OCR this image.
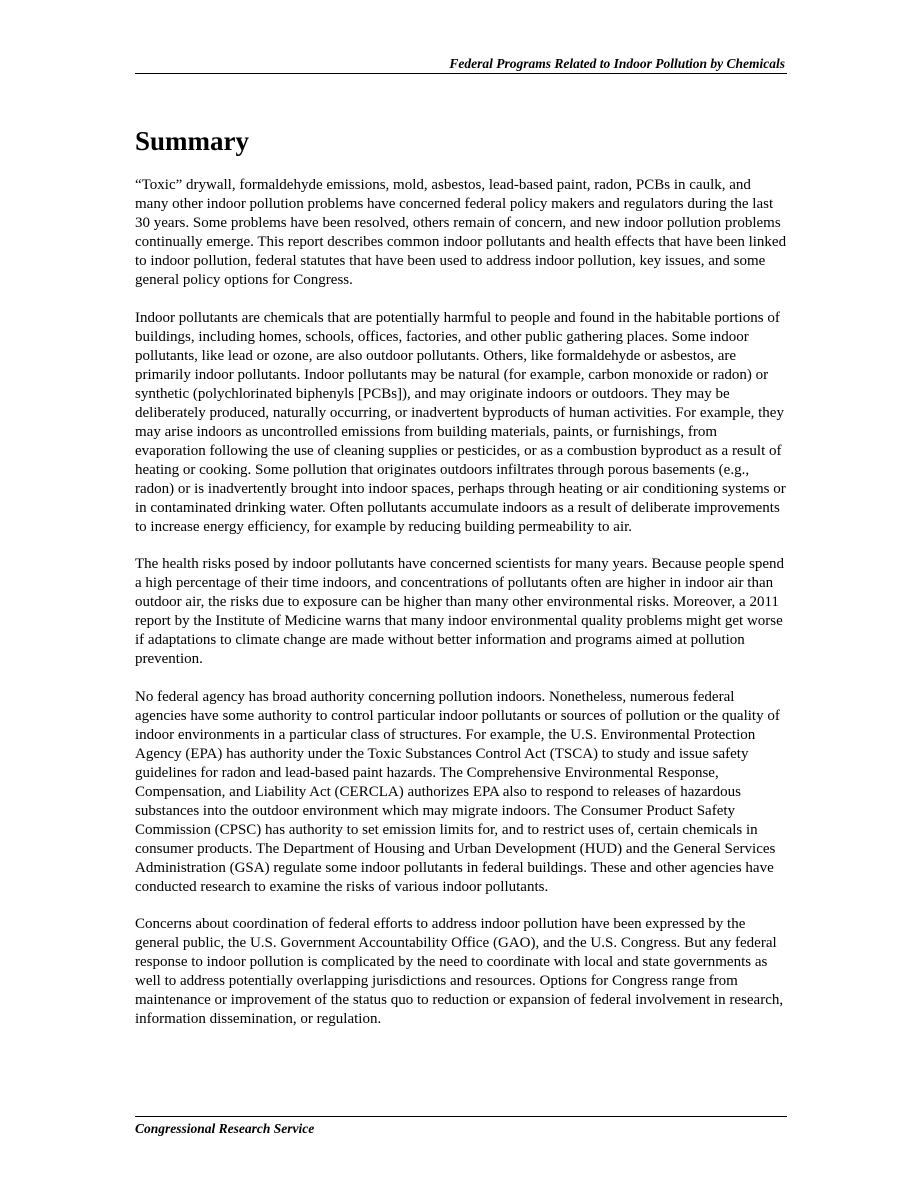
Federal Programs Related to Indoor Pollution by Chemicals
Summary

“Toxic” drywall, formaldehyde emissions, mold, asbestos, lead-based paint, radon, PCBs in caulk, and many other indoor pollution problems have concerned federal policy makers and regulators during the last 30 years. Some problems have been resolved, others remain of concern, and new indoor pollution problems continually emerge. This report describes common indoor pollutants and health effects that have been linked to indoor pollution, federal statutes that have been used to address indoor pollution, key issues, and some general policy options for Congress.

Indoor pollutants are chemicals that are potentially harmful to people and found in the habitable portions of buildings, including homes, schools, offices, factories, and other public gathering places. Some indoor pollutants, like lead or ozone, are also outdoor pollutants. Others, like formaldehyde or asbestos, are primarily indoor pollutants. Indoor pollutants may be natural (for example, carbon monoxide or radon) or synthetic (polychlorinated biphenyls [PCBs]), and may originate indoors or outdoors. They may be deliberately produced, naturally occurring, or inadvertent byproducts of human activities. For example, they may arise indoors as uncontrolled emissions from building materials, paints, or furnishings, from evaporation following the use of cleaning supplies or pesticides, or as a combustion byproduct as a result of heating or cooking. Some pollution that originates outdoors infiltrates through porous basements (e.g., radon) or is inadvertently brought into indoor spaces, perhaps through heating or air conditioning systems or in contaminated drinking water. Often pollutants accumulate indoors as a result of deliberate improvements to increase energy efficiency, for example by reducing building permeability to air.

The health risks posed by indoor pollutants have concerned scientists for many years. Because people spend a high percentage of their time indoors, and concentrations of pollutants often are higher in indoor air than outdoor air, the risks due to exposure can be higher than many other environmental risks. Moreover, a 2011 report by the Institute of Medicine warns that many indoor environmental quality problems might get worse if adaptations to climate change are made without better information and programs aimed at pollution prevention.

No federal agency has broad authority concerning pollution indoors. Nonetheless, numerous federal agencies have some authority to control particular indoor pollutants or sources of pollution or the quality of indoor environments in a particular class of structures. For example, the U.S. Environmental Protection Agency (EPA) has authority under the Toxic Substances Control Act (TSCA) to study and issue safety guidelines for radon and lead-based paint hazards. The Comprehensive Environmental Response, Compensation, and Liability Act (CERCLA) authorizes EPA also to respond to releases of hazardous substances into the outdoor environment which may migrate indoors. The Consumer Product Safety Commission (CPSC) has authority to set emission limits for, and to restrict uses of, certain chemicals in consumer products. The Department of Housing and Urban Development (HUD) and the General Services Administration (GSA) regulate some indoor pollutants in federal buildings. These and other agencies have conducted research to examine the risks of various indoor pollutants.

Concerns about coordination of federal efforts to address indoor pollution have been expressed by the general public, the U.S. Government Accountability Office (GAO), and the U.S. Congress. But any federal response to indoor pollution is complicated by the need to coordinate with local and state governments as well to address potentially overlapping jurisdictions and resources. Options for Congress range from maintenance or improvement of the status quo to reduction or expansion of federal involvement in research, information dissemination, or regulation.

Congressional Research Service
